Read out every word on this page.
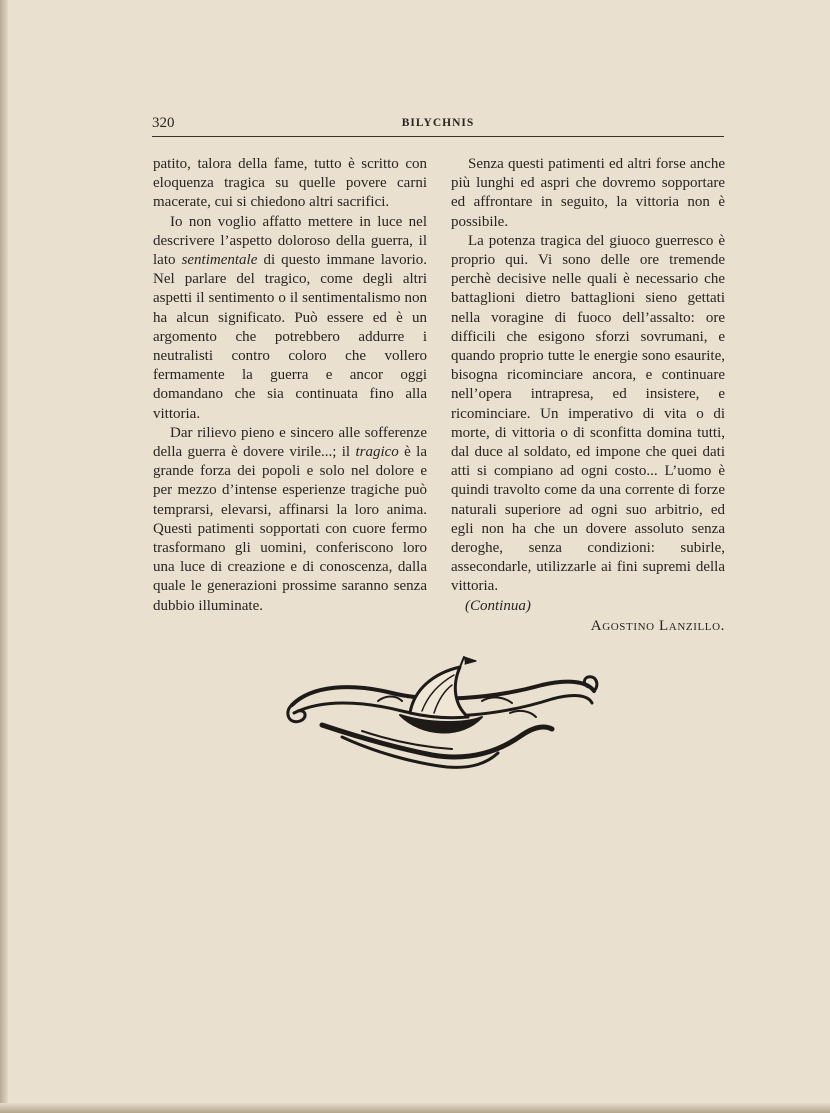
320	BILYCHNIS

patito, talora della fame, tutto è scritto con eloquenza tragica su quelle povere carni macerate, cui si chiedono altri sacrifici.

Io non voglio affatto mettere in luce nel descrivere l’aspetto doloroso della guerra, il lato sentimentale di questo immane lavorio. Nel parlare del tragico, come degli altri aspetti il sentimento o il sentimentalismo non ha alcun significato. Può essere ed è un argomento che potrebbero addurre i neutralisti contro coloro che vollero fermamente la guerra e ancor oggi domandano che sia continuata fino alla vittoria.

Dar rilievo pieno e sincero alle sofferenze della guerra è dovere virile...; il tragico è la grande forza dei popoli e solo nel dolore e per mezzo d’intense esperienze tragiche può temprarsi, elevarsi, affinarsi la loro anima. Questi patimenti sopportati con cuore fermo trasformano gli uomini, conferiscono loro una luce di creazione e di conoscenza, dalla quale le generazioni prossime saranno senza dubbio illuminate.

Senza questi patimenti ed altri forse anche più lunghi ed aspri che dovremo sopportare ed affrontare in seguito, la vittoria non è possibile.

La potenza tragica del giuoco guerresco è proprio qui. Vi sono delle ore tremende perchè decisive nelle quali è necessario che battaglioni dietro battaglioni sieno gettati nella voragine di fuoco dell’assalto: ore difficili che esigono sforzi sovrumani, e quando proprio tutte le energie sono esaurite, bisogna ricominciare ancora, e continuare nell’opera intrapresa, ed insistere, e ricominciare. Un imperativo di vita o di morte, di vittoria o di sconfitta domina tutti, dal duce al soldato, ed impone che quei dati atti si compiano ad ogni costo... L’uomo è quindi travolto come da una corrente di forze naturali superiore ad ogni suo arbitrio, ed egli non ha che un dovere assoluto senza deroghe, senza condizioni: subirle, assecondarle, utilizzarle ai fini supremi della vittoria.

(Continua)
Agostino Lanzillo.
